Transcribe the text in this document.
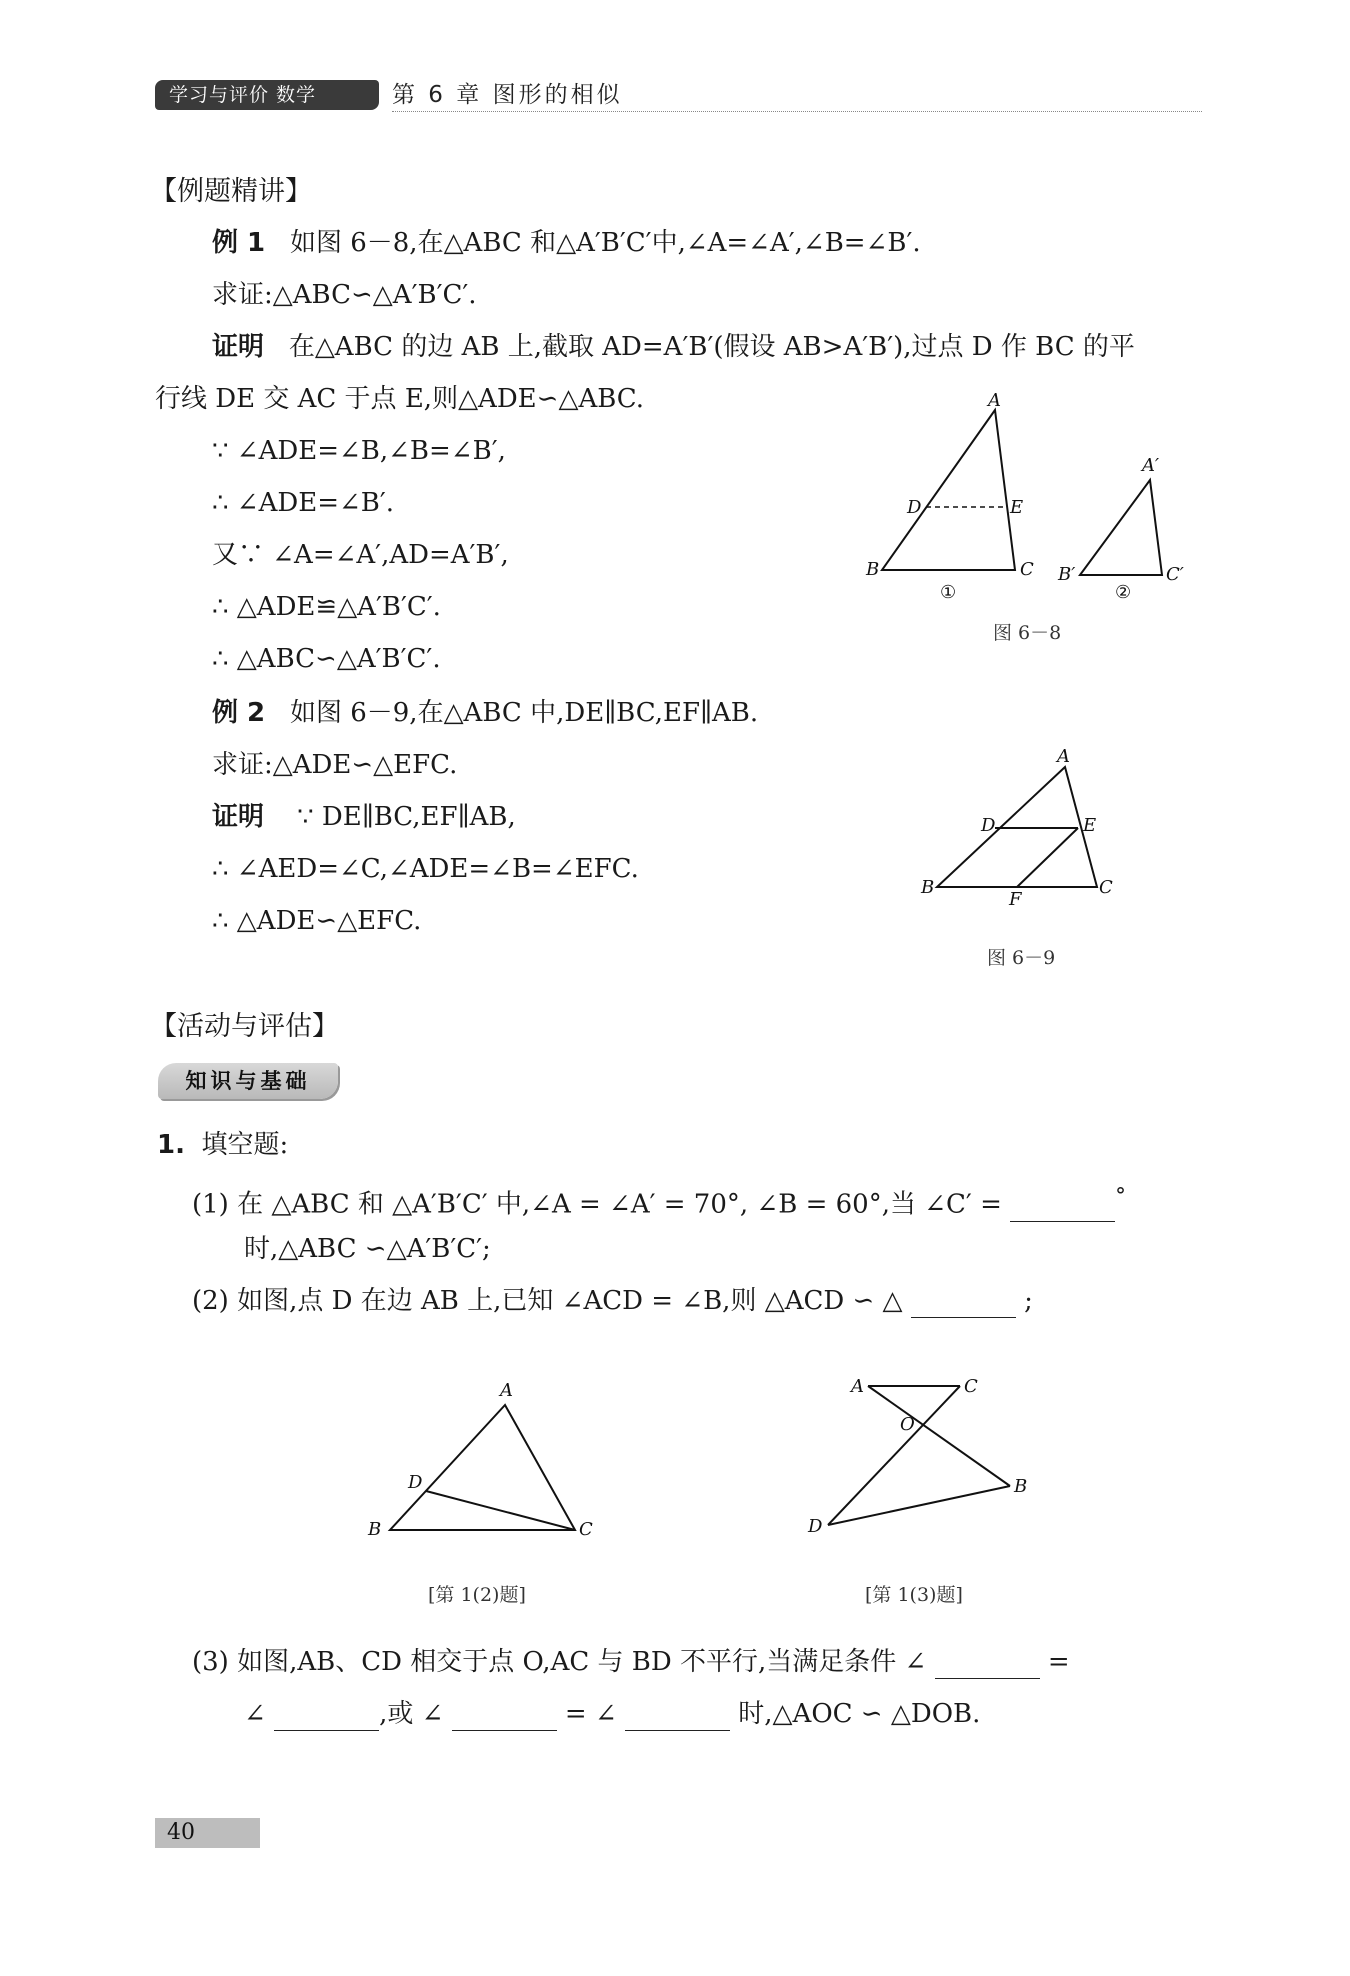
学习与评价 数学	第 6 章 图形的相似
【例题精讲】
例 1 如图 6－8,在△ABC 和△A′B′C′中,∠A=∠A′,∠B=∠B′.
求证:△ABC∽△A′B′C′.
证明 在△ABC 的边 AB 上,截取 AD=A′B′(假设 AB>A′B′),过点 D 作 BC 的平
行线 DE 交 AC 于点 E,则△ADE∽△ABC.
∵ ∠ADE=∠B,∠B=∠B′,
∴ ∠ADE=∠B′.
又∵ ∠A=∠A′,AD=A′B′,
∴ △ADE≌△A′B′C′.
∴ △ABC∽△A′B′C′.
A
D	E
B	C
A′
B′	C′
①	②
图 6－8
例 2 如图 6－9,在△ABC 中,DE∥BC,EF∥AB.
求证:△ADE∽△EFC.
证明 ∵ DE∥BC,EF∥AB,
∴ ∠AED=∠C,∠ADE=∠B=∠EFC.
∴ △ADE∽△EFC.
A
D	E
B
F
C
图 6－9
【活动与评估】
知识与基础
1. 填空题:
(1) 在 △ABC 和 △A′B′C′ 中,∠A = ∠A′ = 70°, ∠B = 60°,当 ∠C′ =	°
时,△ABC ∽△A′B′C′;
(2) 如图,点 D 在边 AB 上,已知 ∠ACD = ∠B,则 △ACD ∽ △	;
A
D
B	C
[第 1(2)题]
A	C
O
B
D
[第 1(3)题]
(3) 如图,AB、CD 相交于点 O,AC 与 BD 不平行,当满足条件 ∠	=
∠	,或 ∠	= ∠	时,△AOC ∽ △DOB.
40
